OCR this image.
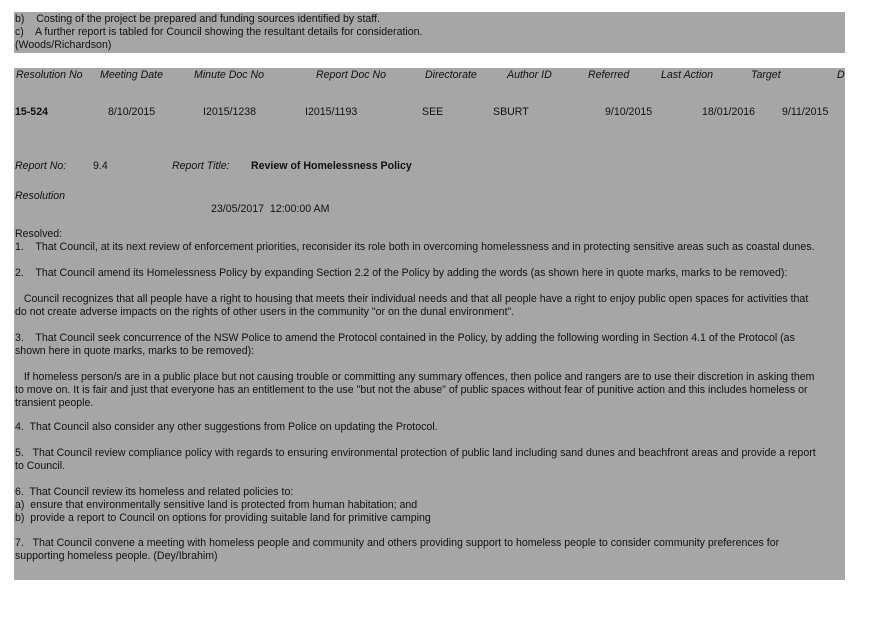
b)    Costing of the project be prepared and funding sources identified by staff.
c)    A further report is tabled for Council showing the resultant details for consideration.
(Woods/Richardson)
Resolution No Meeting Date	Minute Doc No	Report Doc No	Directorate	Author ID	Referred	Last Action	Target	D
15-524	8/10/2015	I2015/1238	I2015/1193	SEE	SBURT	9/10/2015	18/01/2016	9/11/2015
Report No:	9.4	Report Title: Review of Homelessness Policy
Resolution
23/05/2017  12:00:00 AM
Resolved:
1.    That Council, at its next review of enforcement priorities, reconsider its role both in overcoming homelessness and in protecting sensitive areas such as coastal dunes.
2.    That Council amend its Homelessness Policy by expanding Section 2.2 of the Policy by adding the words (as shown here in quote marks, marks to be removed):
Council recognizes that all people have a right to housing that meets their individual needs and that all people have a right to enjoy public open spaces for activities that
do not create adverse impacts on the rights of other users in the community "or on the dunal environment".
3.    That Council seek concurrence of the NSW Police to amend the Protocol contained in the Policy, by adding the following wording in Section 4.1 of the Protocol (as
shown here in quote marks, marks to be removed):
If homeless person/s are in a public place but not causing trouble or committing any summary offences, then police and rangers are to use their discretion in asking them
to move on. It is fair and just that everyone has an entitlement to the use "but not the abuse" of public spaces without fear of punitive action and this includes homeless or
transient people.
4.  That Council also consider any other suggestions from Police on updating the Protocol.
5.   That Council review compliance policy with regards to ensuring environmental protection of public land including sand dunes and beachfront areas and provide a report
to Council.
6.  That Council review its homeless and related policies to:
a)  ensure that environmentally sensitive land is protected from human habitation; and
b)  provide a report to Council on options for providing suitable land for primitive camping
7.   That Council convene a meeting with homeless people and community and others providing support to homeless people to consider community preferences for
supporting homeless people. (Dey/Ibrahim)
